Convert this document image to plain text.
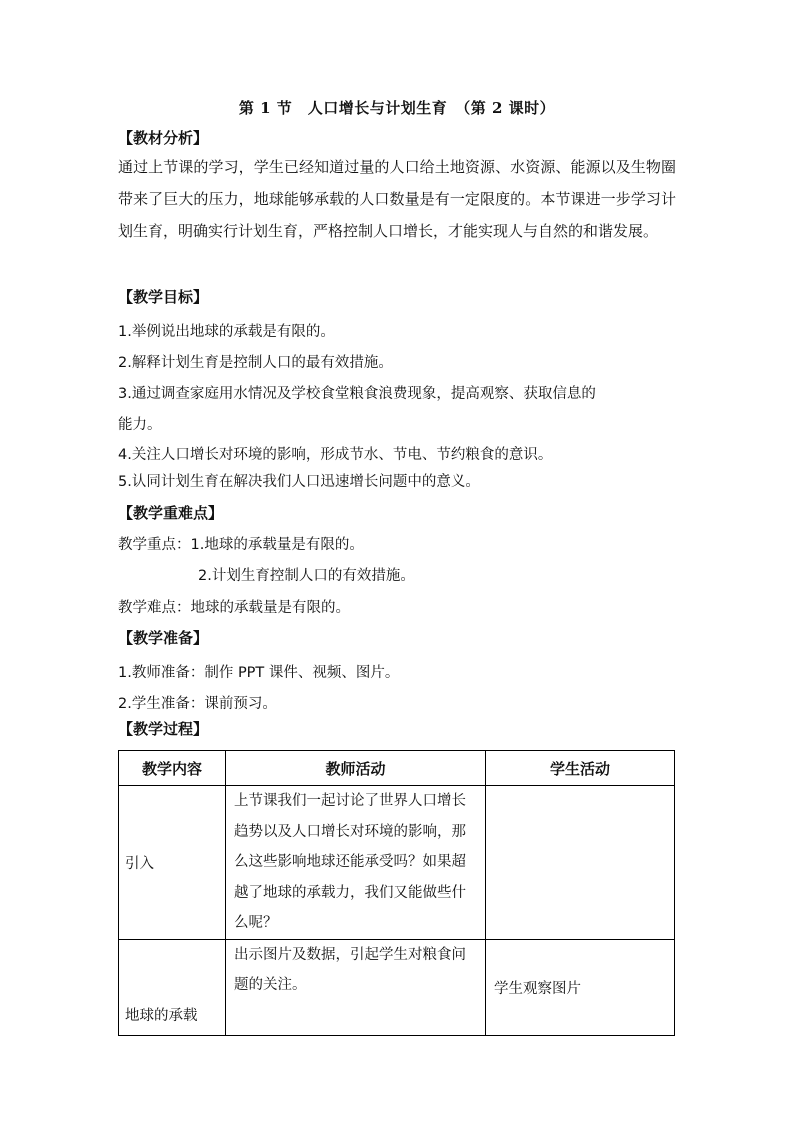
第 1 节　人口增长与计划生育　（第 2 课时）
【教材分析】
通过上节课的学习，学生已经知道过量的人口给土地资源、水资源、能源以及生物圈带来了巨大的压力，地球能够承载的人口数量是有一定限度的。本节课进一步学习计划生育，明确实行计划生育，严格控制人口增长，才能实现人与自然的和谐发展。
【教学目标】
1.举例说出地球的承载是有限的。
2.解释计划生育是控制人口的最有效措施。
3.通过调查家庭用水情况及学校食堂粮食浪费现象，提高观察、获取信息的
能力。
4.关注人口增长对环境的影响，形成节水、节电、节约粮食的意识。
5.认同计划生育在解决我们人口迅速增长问题中的意义。
【教学重难点】
教学重点：1.地球的承载量是有限的。
2.计划生育控制人口的有效措施。
教学难点：地球的承载量是有限的。
【教学准备】
1.教师准备：制作 PPT 课件、视频、图片。
2.学生准备：课前预习。
【教学过程】
教学内容	教师活动	学生活动
引入	上节课我们一起讨论了世界人口增长趋势以及人口增长对环境的影响，那么这些影响地球还能承受吗？如果超越了地球的承载力，我们又能做些什么呢？	
地球的承载	出示图片及数据，引起学生对粮食问题的关注。	学生观察图片
